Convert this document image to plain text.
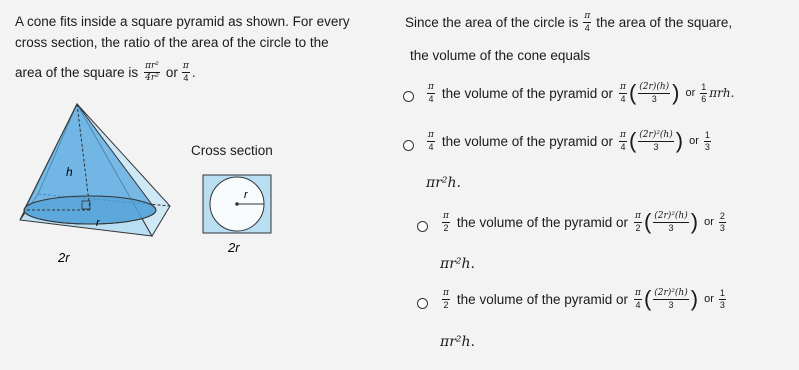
A cone fits inside a square pyramid as shown. For every
cross section, the ratio of the area of the circle to the
area of the square is $\frac{\text{πr²}}{\text{4r²}}$ or $\frac{\pi}{4}$ .
h
r
2r
Cross section
r
2r
Since the area of the circle is $\frac{\pi}{4}$ the area of the square,
the volume of the cone equals
$\frac{\pi}{4}$ the volume of the pyramid or $\frac{\pi}{4}$ ( $\frac{(2r)(h)}{3}$ ) or $\frac{1}{6} \pi rh$.
$\frac{\pi}{4}$ the volume of the pyramid or $\frac{\pi}{4}$ ( $\frac{\text{(2r)²(h)}}{3}$ ) or $\frac{1}{3}$
πr²h.
$\frac{\pi}{2}$ the volume of the pyramid or $\frac{\pi}{2}$ ( $\frac{\text{(2r)²(h)}}{3}$ ) or $\frac{2}{3}$
πr²h.
$\frac{\pi}{2}$ the volume of the pyramid or $\frac{\pi}{4}$ ( $\frac{\text{(2r)²(h)}}{3}$ ) or $\frac{1}{3}$
πr²h.
